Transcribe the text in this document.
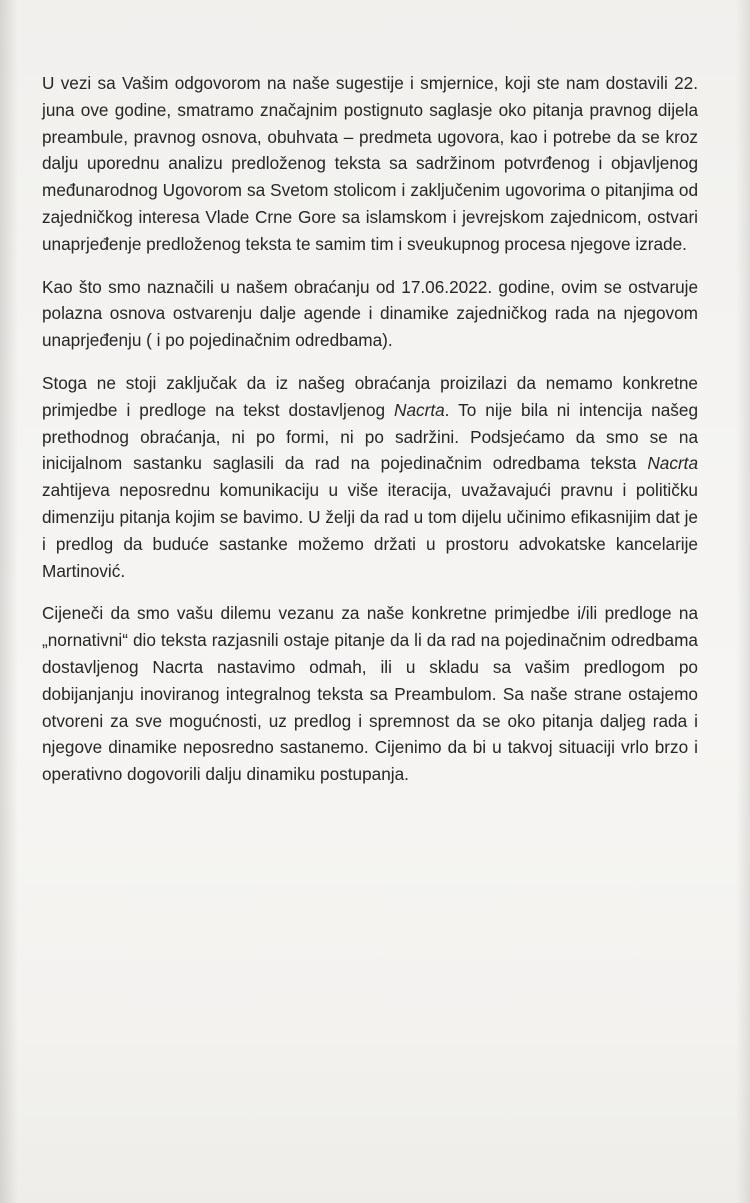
U vezi sa Vašim odgovorom na naše sugestije i smjernice, koji ste nam dostavili 22. juna ove godine, smatramo značajnim postignuto saglasje oko pitanja pravnog dijela preambule, pravnog osnova, obuhvata – predmeta ugovora, kao i potrebe da se kroz dalju uporednu analizu predloženog teksta sa sadržinom potvrđenog i objavljenog međunarodnog Ugovorom sa Svetom stolicom i zaključenim ugovorima o pitanjima od zajedničkog interesa Vlade Crne Gore sa islamskom i jevrejskom zajednicom, ostvari unaprjeđenje predloženog teksta te samim tim i sveukupnog procesa njegove izrade.

Kao što smo naznačili u našem obraćanju od 17.06.2022. godine, ovim se ostvaruje polazna osnova ostvarenju dalje agende i dinamike zajedničkog rada na njegovom unaprjeđenju ( i po pojedinačnim odredbama).

Stoga ne stoji zaključak da iz našeg obraćanja proizilazi da nemamo konkretne primjedbe i predloge na tekst dostavljenog Nacrta. To nije bila ni intencija našeg prethodnog obraćanja, ni po formi, ni po sadržini. Podsjećamo da smo se na inicijalnom sastanku saglasili da rad na pojedinačnim odredbama teksta Nacrta zahtijeva neposrednu komunikaciju u više iteracija, uvažavajući pravnu i političku dimenziju pitanja kojim se bavimo. U želji da rad u tom dijelu učinimo efikasnijim dat je i predlog da buduće sastanke možemo držati u prostoru advokatske kancelarije Martinović.

Cijeneči da smo vašu dilemu vezanu za naše konkretne primjedbe i/ili predloge na „nornativni“ dio teksta razjasnili ostaje pitanje da li da rad na pojedinačnim odredbama dostavljenog Nacrta nastavimo odmah, ili u skladu sa vašim predlogom po dobijanjanju inoviranog integralnog teksta sa Preambulom. Sa naše strane ostajemo otvoreni za sve mogućnosti, uz predlog i spremnost da se oko pitanja daljeg rada i njegove dinamike neposredno sastanemo. Cijenimo da bi u takvoj situaciji vrlo brzo i operativno dogovorili dalju dinamiku postupanja.
